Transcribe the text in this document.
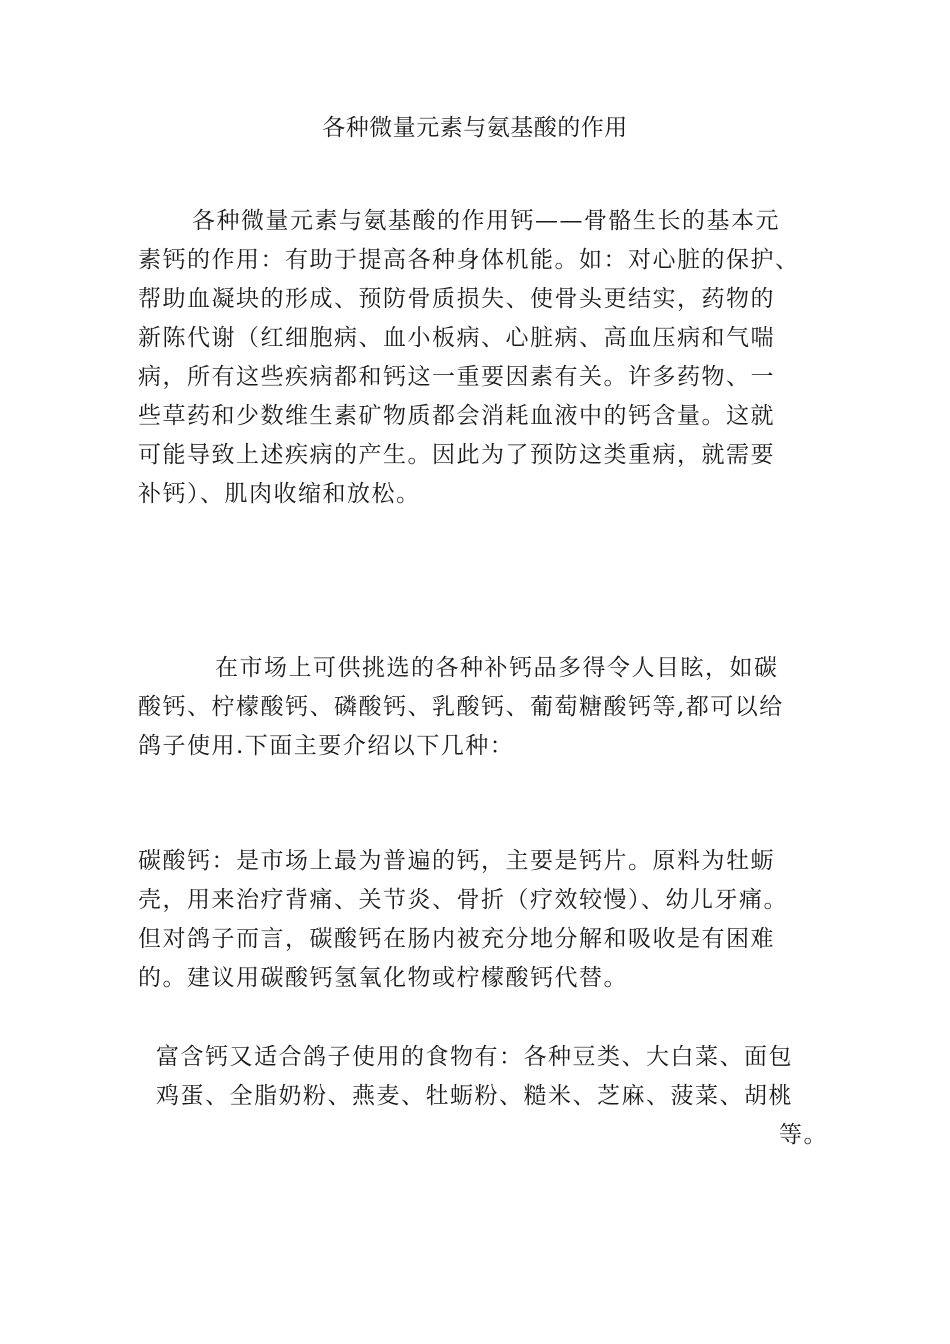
各种微量元素与氨基酸的作用
各种微量元素与氨基酸的作用钙——骨骼生长的基本元
素钙的作用：有助于提高各种身体机能。如：对心脏的保护、
帮助血凝块的形成、预防骨质损失、使骨头更结实，药物的
新陈代谢（红细胞病、血小板病、心脏病、高血压病和气喘
病，所有这些疾病都和钙这一重要因素有关。许多药物、一
些草药和少数维生素矿物质都会消耗血液中的钙含量。这就
可能导致上述疾病的产生。因此为了预防这类重病，就需要
补钙）、肌肉收缩和放松。
在市场上可供挑选的各种补钙品多得令人目眩，如碳
酸钙、柠檬酸钙、磷酸钙、乳酸钙、葡萄糖酸钙等,都可以给
鸽子使用.下面主要介绍以下几种：
碳酸钙：是市场上最为普遍的钙，主要是钙片。原料为牡蛎
壳，用来治疗背痛、关节炎、骨折（疗效较慢）、幼儿牙痛。
但对鸽子而言，碳酸钙在肠内被充分地分解和吸收是有困难
的。建议用碳酸钙氢氧化物或柠檬酸钙代替。
富含钙又适合鸽子使用的食物有：各种豆类、大白菜、面包
鸡蛋、全脂奶粉、燕麦、牡蛎粉、糙米、芝麻、菠菜、胡桃
等。
